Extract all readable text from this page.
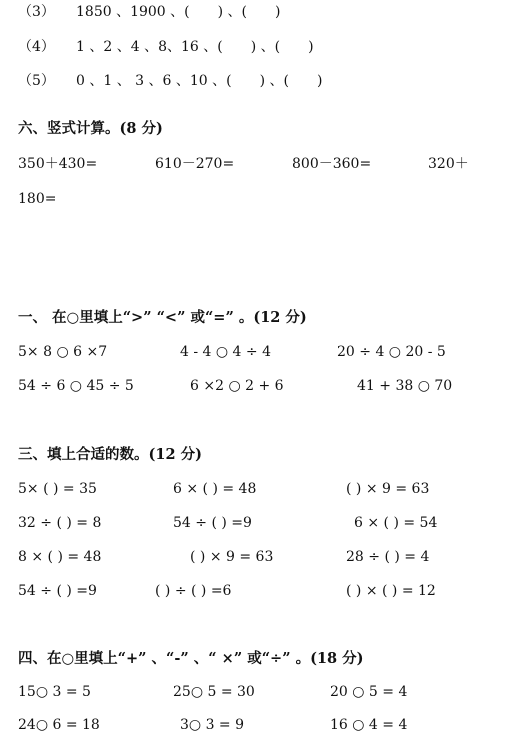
（3） 1850 、1900 、(　　) 、(　　)
（4） 1 、2 、4 、8、16 、(　　) 、(　　)
（5） 0 、1 、 3 、6 、10 、(　　) 、(　　)
六、竖式计算。(8 分)
350＋430=	610－270=	800－360=	320＋
180=
一、 在○里填上“>” “<” 或“=” 。(12 分)
5× 8 ○ 6 ×7	4 - 4 ○ 4 ÷ 4	20 ÷ 4 ○ 20 - 5
54 ÷ 6 ○ 45 ÷ 5	6 ×2 ○ 2 + 6	41 + 38 ○ 70
三、填上合适的数。(12 分)
5× ( ) = 35	6 × ( ) = 48	( ) × 9 = 63
32 ÷ ( ) = 8	54 ÷ ( ) =9	6 × ( ) = 54
8 × ( ) = 48	( ) × 9 = 63	28 ÷ ( ) = 4
54 ÷ ( ) =9	( ) ÷ ( ) =6	( ) × ( ) = 12
四、在○里填上“+” 、“-” 、“ ×” 或“÷” 。(18 分)
15○ 3 = 5	25○ 5 = 30	20 ○ 5 = 4
24○ 6 = 18	3○ 3 = 9	16 ○ 4 = 4
